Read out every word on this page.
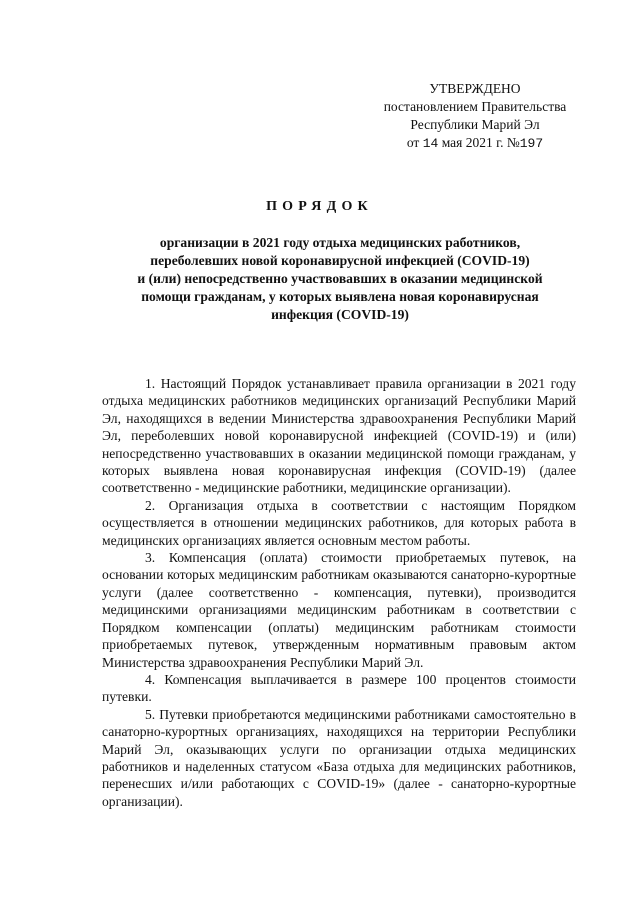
УТВЕРЖДЕНО
постановлением Правительства
Республики Марий Эл
от 14 мая 2021 г. №197
ПОРЯДОК
организации в 2021 году отдыха медицинских работников,
переболевших новой коронавирусной инфекцией (COVID-19)
и (или) непосредственно участвовавших в оказании медицинской
помощи гражданам, у которых выявлена новая коронавирусная
инфекция (COVID-19)

1. Настоящий Порядок устанавливает правила организации в 2021 году отдыха медицинских работников медицинских организаций Республики Марий Эл, находящихся в ведении Министерства здравоохранения Республики Марий Эл, переболевших новой коронавирусной инфекцией (COVID-19) и (или) непосредственно участвовавших в оказании медицинской помощи гражданам, у которых выявлена новая коронавирусная инфекция (COVID-19) (далее соответственно - медицинские работники, медицинские организации).

2. Организация отдыха в соответствии с настоящим Порядком осуществляется в отношении медицинских работников, для которых работа в медицинских организациях является основным местом работы.

3. Компенсация (оплата) стоимости приобретаемых путевок, на основании которых медицинским работникам оказываются санаторно-курортные услуги (далее соответственно - компенсация, путевки), производится медицинскими организациями медицинским работникам в соответствии с Порядком компенсации (оплаты) медицинским работникам стоимости приобретаемых путевок, утвержденным нормативным правовым актом Министерства здравоохранения Республики Марий Эл.

4. Компенсация выплачивается в размере 100 процентов стоимости путевки.

5. Путевки приобретаются медицинскими работниками самостоятельно в санаторно-курортных организациях, находящихся на территории Республики Марий Эл, оказывающих услуги по организации отдыха медицинских работников и наделенных статусом «База отдыха для медицинских работников, перенесших и/или работающих с COVID-19» (далее - санаторно-курортные организации).
